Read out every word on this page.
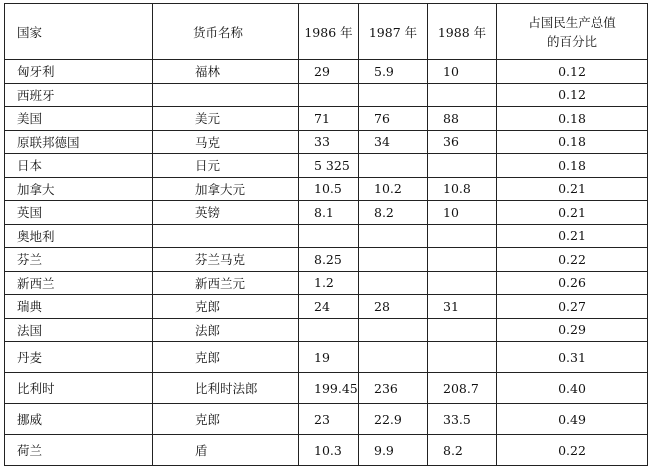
国家	货币名称	1986 年	1987 年	1988 年	占国民生产总值
的百分比

匈牙利	福林	29	5.9	10	0.12
西班牙					0.12
美国	美元	71	76	88	0.18
原联邦德国	马克	33	34	36	0.18
日本	日元	5 325			0.18
加拿大	加拿大元	10.5	10.2	10.8	0.21
英国	英镑	8.1	8.2	10	0.21
奥地利					0.21
芬兰	芬兰马克	8.25			0.22
新西兰	新西兰元	1.2			0.26
瑞典	克郎	24	28	31	0.27
法国	法郎				0.29
丹麦	克郎	19			0.31
比利时	比利时法郎	199.45	236	208.7	0.40
挪威	克郎	23	22.9	33.5	0.49
荷兰	盾	10.3	9.9	8.2	0.22
